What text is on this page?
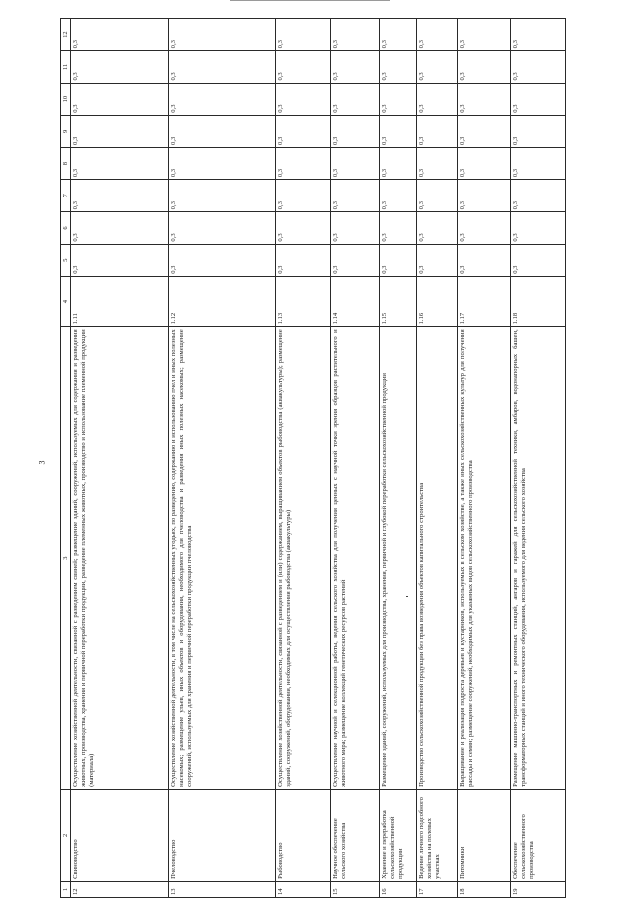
3
1	2	3	4	5	6	7	8	9	10	11	12
12	Свиноводство	Осуществление хозяйственной деятельности, связанной с разведением свиней; размещение зданий, сооружений, используемых для содержания и разведения животных, производства, хранения и первичной переработки продукции, разведение племенных животных, производство и использование племенной продукции (материала)	1.11	0,3	0,3	0,3	0,3	0,3	0,3	0,3	0,3
13	Пчеловодство	Осуществление хозяйственной деятельности, в том числе на сельскохозяйственных угодьях, по разведению, содержанию и использованию пчел и иных полезных насекомых; размещение ульев, иных объектов и оборудования, необходимого для пчеловодства и разведения иных полезных насекомых; размещение сооружений, используемых для хранения и первичной переработки продукции пчеловодства	1.12	0,3	0,3	0,3	0,3	0,3	0,3	0,3	0,3
14	Рыбоводство	Осуществление хозяйственной деятельности, связанной с разведением и (или) содержанием, выращиванием объектов рыбоводства (аквакультуры); размещение зданий, сооружений, оборудования, необходимых для осуществления рыбоводства (аквакультуры)	1.13	0,3	0,3	0,3	0,3	0,3	0,3	0,3	0,3
15	Научное обеспечение сельского хозяйства	Осуществление научной и селекционной работы, ведения сельского хозяйства для получения ценных с научной точки зрения образцов растительного и животного мира; размещение коллекций генетических ресурсов растений	1.14	0,3	0,3	0,3	0,3	0,3	0,3	0,3	0,3
16	Хранение и переработка сельскохозяйственной продукции	Размещение зданий, сооружений, используемых для производства, хранения, первичной и глубокой переработки сельскохозяйственной продукции	1.15	0,3	0,3	0,3	0,3	0,3	0,3	0,3	0,3
17	Ведение личного подсобного хозяйства на полевых участках	Производство сельскохозяйственной продукции без права возведения объектов капитального строительства	1.16	0,3	0,3	0,3	0,3	0,3	0,3	0,3	0,3
18	Питомники	Выращивание и реализация подроста деревьев и кустарников, используемых в сельском хозяйстве, а также иных сельскохозяйственных культур для получения рассады и семян; размещение сооружений, необходимых для указанных видов сельскохозяйственного производства	1.17	0,3	0,3	0,3	0,3	0,3	0,3	0,3	0,3
19	Обеспечение сельскохозяйственного производства	Размещение машинно-транспортных и ремонтных станций, ангаров и гаражей для сельскохозяйственной техники, амбаров, водонапорных башен, трансформаторных станций и иного технического оборудования, используемого для ведения сельского хозяйства	1.18	0,3	0,3	0,3	0,3	0,3	0,3	0,3	0,3
